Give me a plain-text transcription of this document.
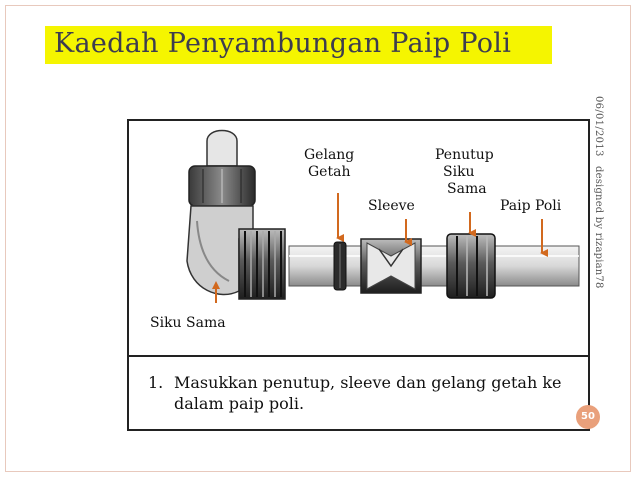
Kaedah Penyambungan Paip Poli
06/01/2013
designed by rizapian78
Gelang
Getah
Sleeve
Penutup
Siku
Sama
Paip Poli
Siku Sama
1. Masukkan penutup, sleeve dan gelang getah ke dalam paip poli.
50
